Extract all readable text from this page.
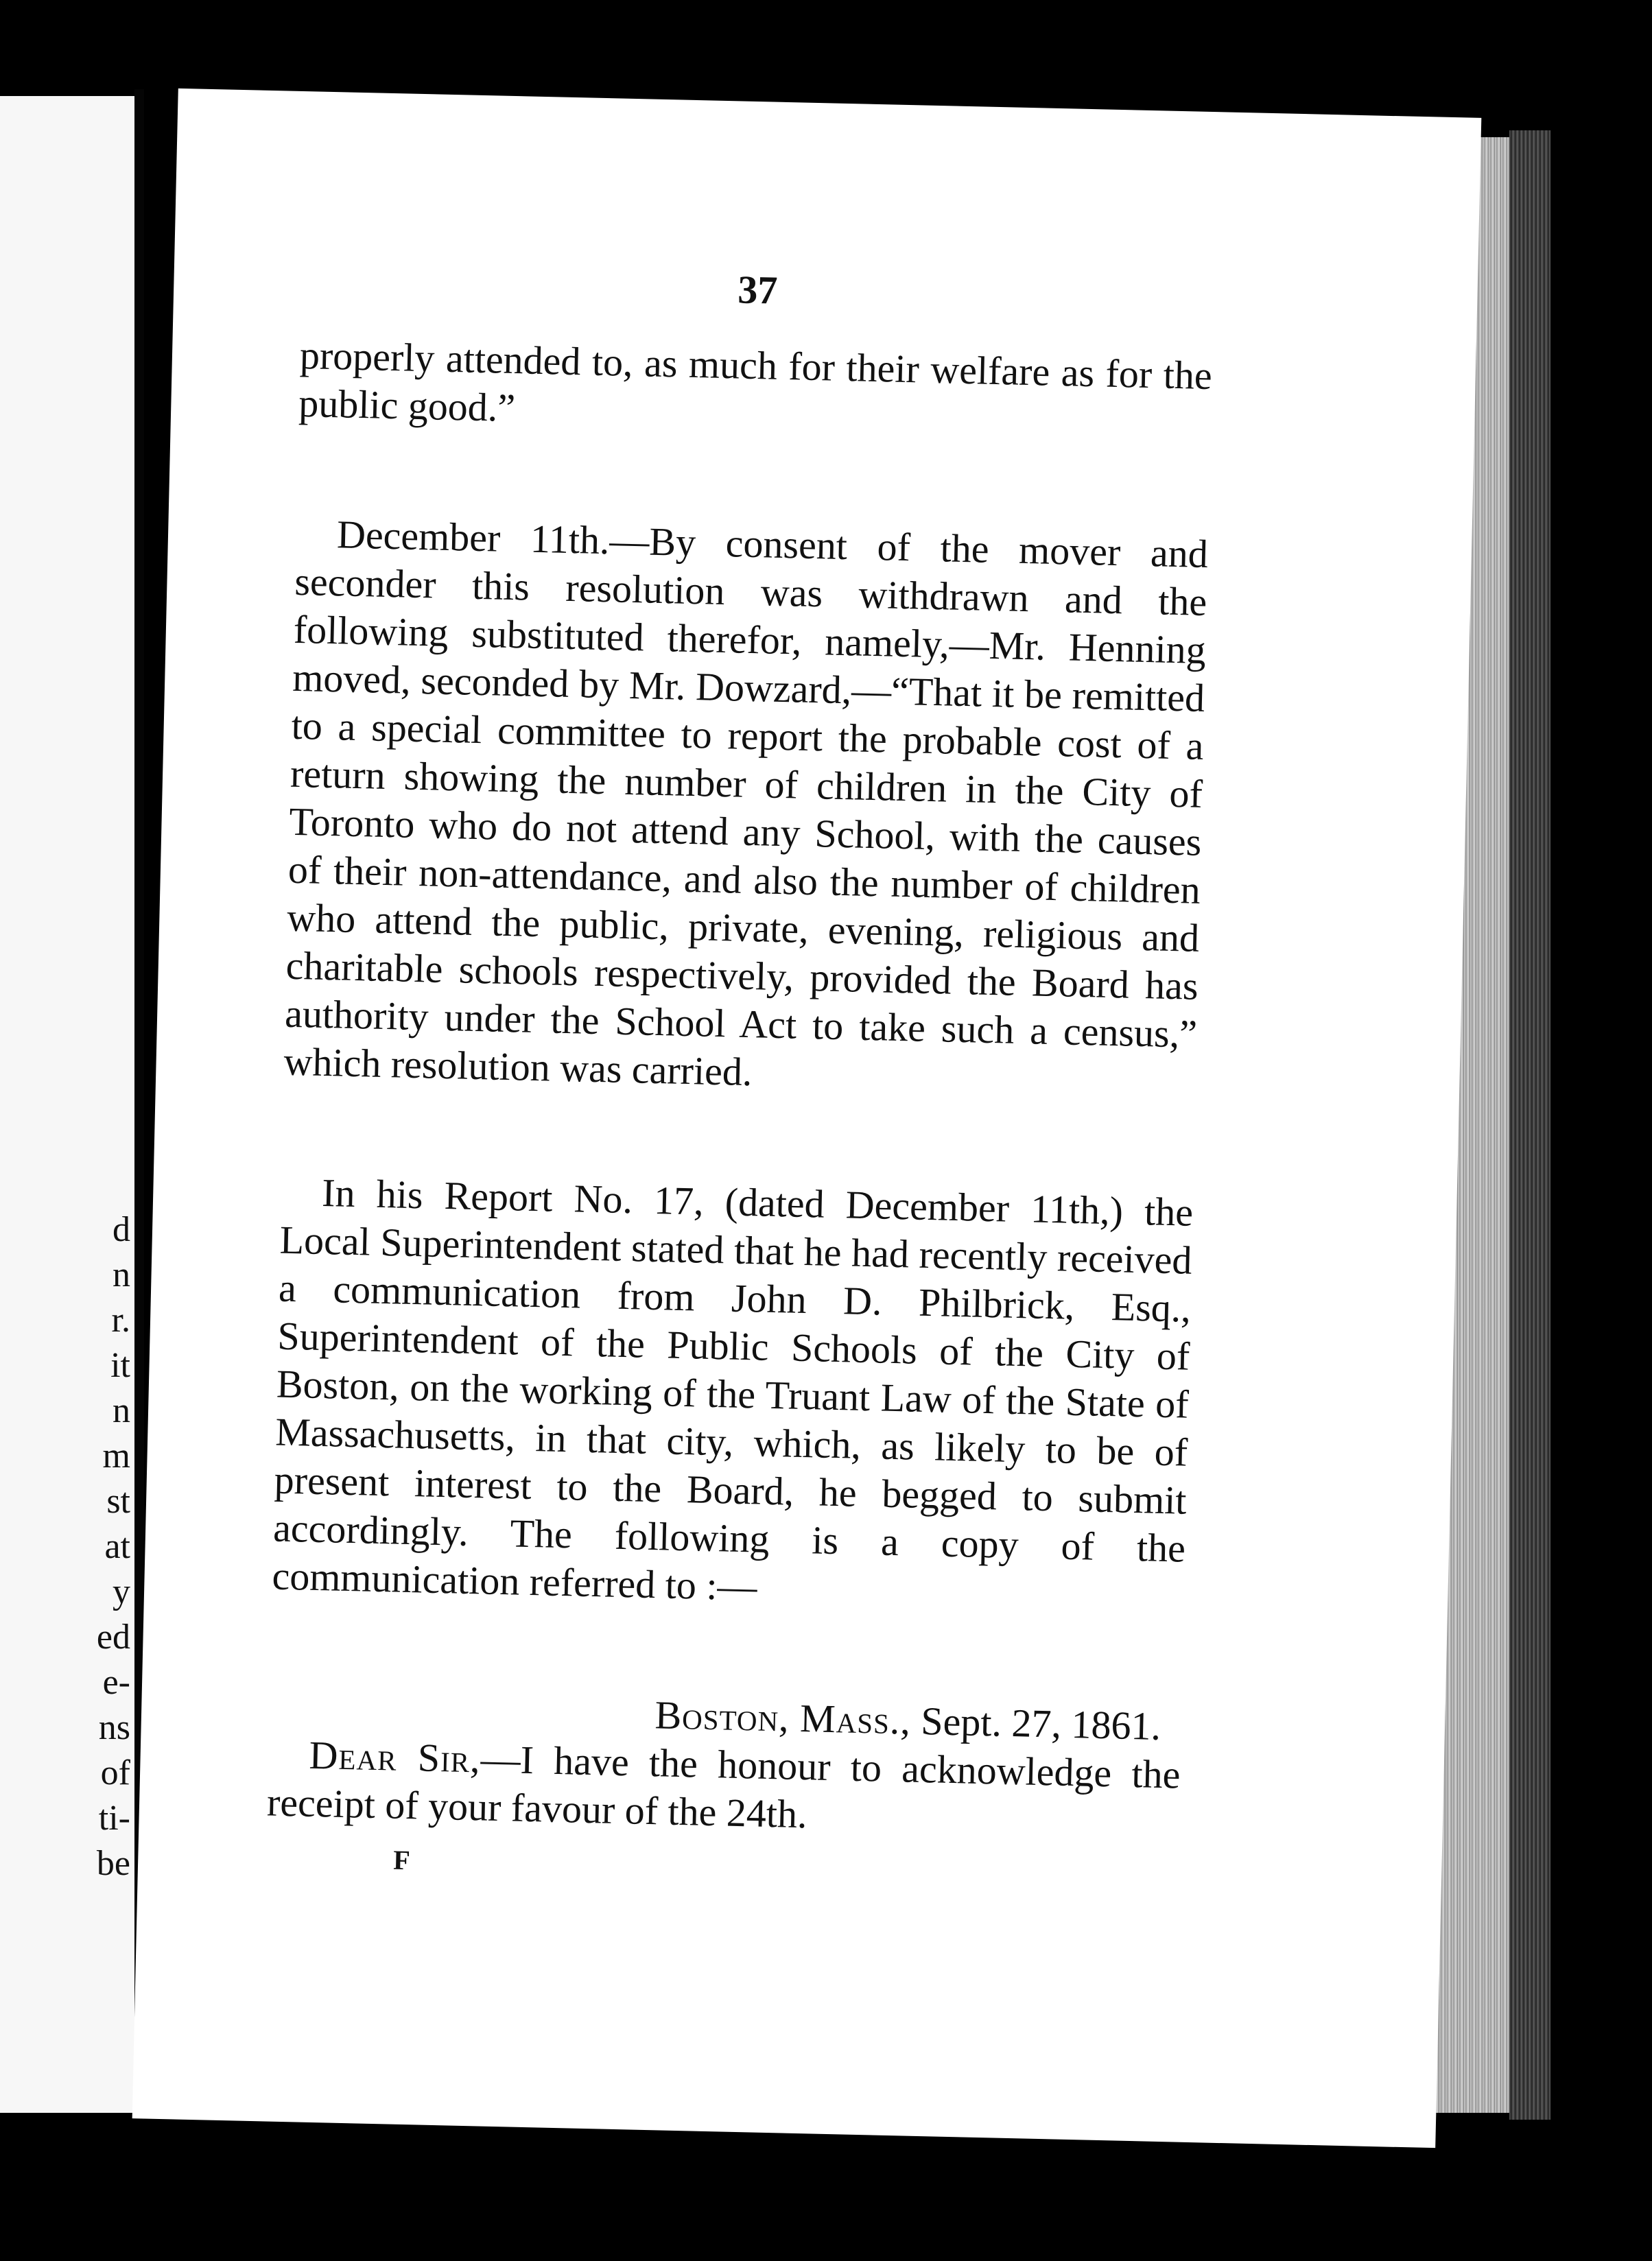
d
n
r.
it
n
m
st
at
y
ed
e-
ns
of
ti-
be
37

properly attended to, as much for their welfare as for the public good.”

December 11th.—By consent of the mover and seconder this resolution was withdrawn and the following substituted therefor, namely,—Mr. Henning moved, seconded by Mr. Dowzard,—“That it be remitted to a special committee to report the probable cost of a return showing the number of children in the City of Toronto who do not attend any School, with the causes of their non-attendance, and also the number of children who attend the public, private, evening, religious and charitable schools respectively, provided the Board has authority under the School Act to take such a census,” which resolution was carried.

In his Report No. 17, (dated December 11th,) the Local Superintendent stated that he had recently received a communication from John D. Philbrick, Esq., Superintendent of the Public Schools of the City of Boston, on the working of the Truant Law of the State of Massachusetts, in that city, which, as likely to be of present interest to the Board, he begged to submit accordingly. The following is a copy of the communication referred to :—

Boston, Mass., Sept. 27, 1861.

Dear Sir,—I have the honour to acknowledge the receipt of your favour of the 24th.

F
